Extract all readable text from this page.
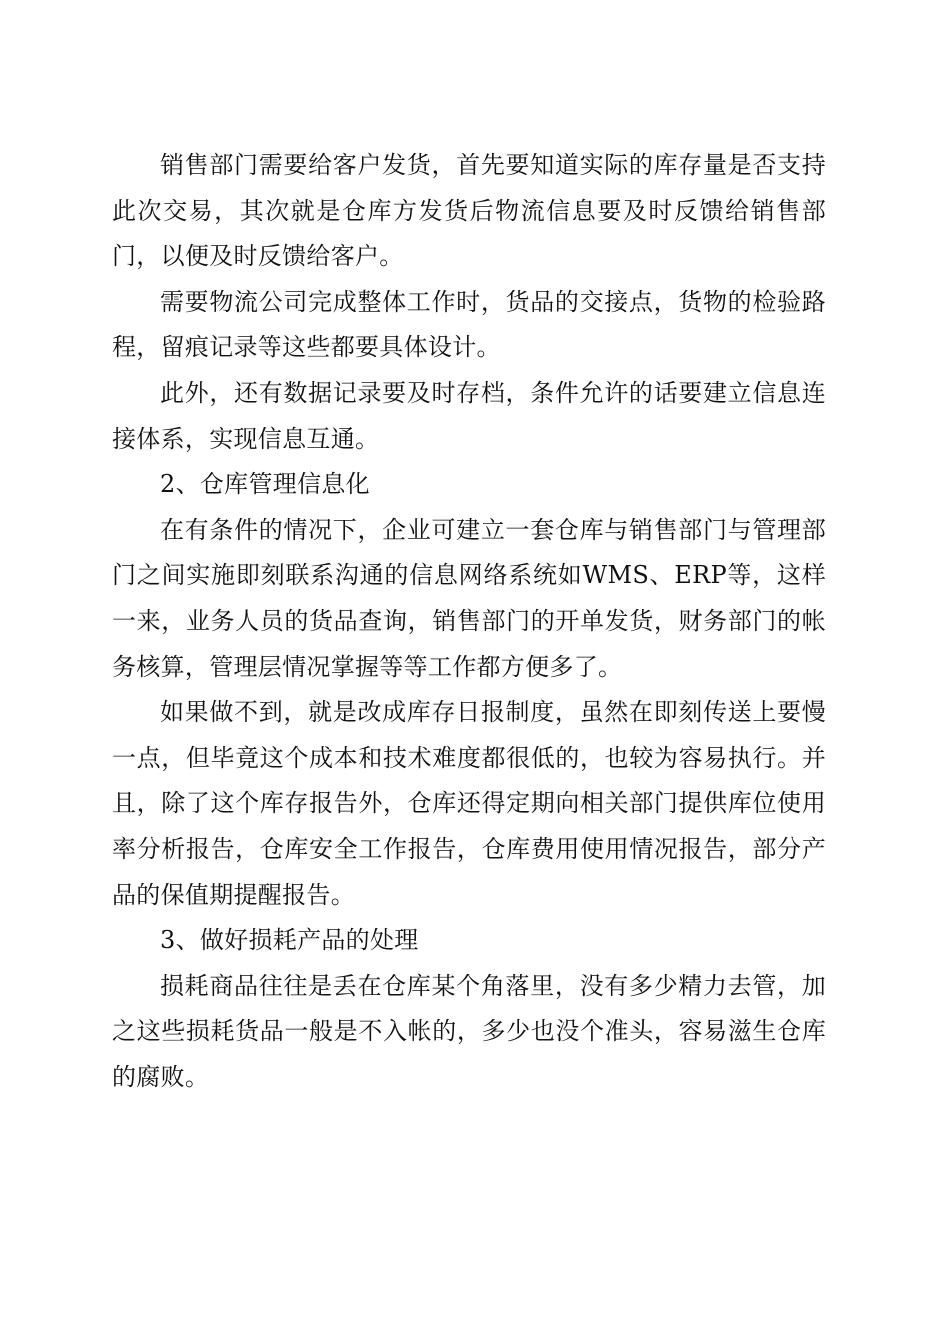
销售部门需要给客户发货，首先要知道实际的库存量是否支持此次交易，其次就是仓库方发货后物流信息要及时反馈给销售部门，以便及时反馈给客户。

需要物流公司完成整体工作时，货品的交接点，货物的检验路程，留痕记录等这些都要具体设计。

此外，还有数据记录要及时存档，条件允许的话要建立信息连接体系，实现信息互通。

2、仓库管理信息化

在有条件的情况下，企业可建立一套仓库与销售部门与管理部门之间实施即刻联系沟通的信息网络系统如WMS、ERP等，这样一来，业务人员的货品查询，销售部门的开单发货，财务部门的帐务核算，管理层情况掌握等等工作都方便多了。

如果做不到，就是改成库存日报制度，虽然在即刻传送上要慢一点，但毕竟这个成本和技术难度都很低的，也较为容易执行。并且，除了这个库存报告外，仓库还得定期向相关部门提供库位使用率分析报告，仓库安全工作报告，仓库费用使用情况报告，部分产品的保值期提醒报告。

3、做好损耗产品的处理

损耗商品往往是丢在仓库某个角落里，没有多少精力去管，加之这些损耗货品一般是不入帐的，多少也没个准头，容易滋生仓库的腐败。
